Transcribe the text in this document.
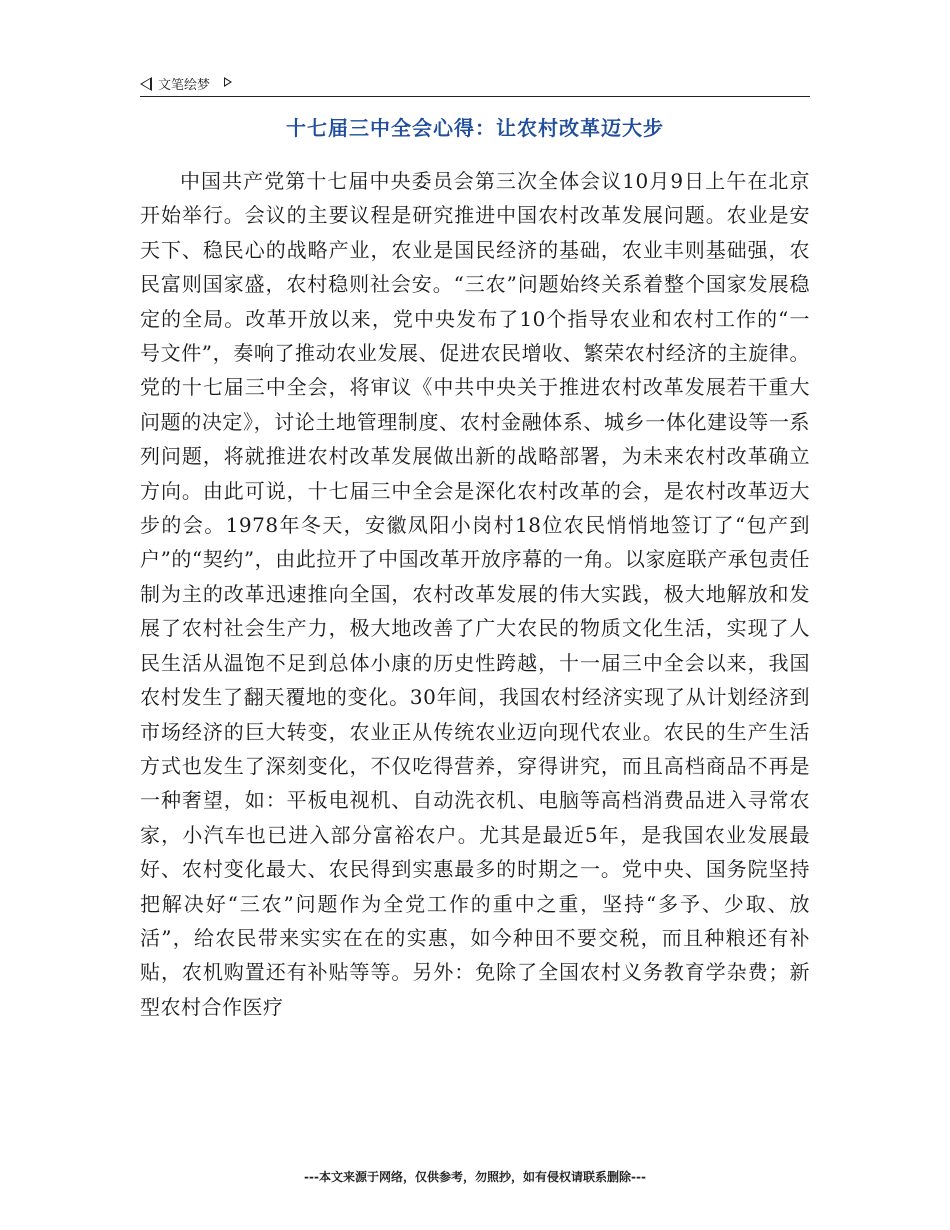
文笔绘梦
十七届三中全会心得：让农村改革迈大步

中国共产党第十七届中央委员会第三次全体会议10月9日上午在北京开始举行。会议的主要议程是研究推进中国农村改革发展问题。农业是安天下、稳民心的战略产业，农业是国民经济的基础，农业丰则基础强，农民富则国家盛，农村稳则社会安。“三农”问题始终关系着整个国家发展稳定的全局。改革开放以来，党中央发布了10个指导农业和农村工作的“一号文件”，奏响了推动农业发展、促进农民增收、繁荣农村经济的主旋律。党的十七届三中全会，将审议《中共中央关于推进农村改革发展若干重大问题的决定》，讨论土地管理制度、农村金融体系、城乡一体化建设等一系列问题，将就推进农村改革发展做出新的战略部署，为未来农村改革确立方向。由此可说，十七届三中全会是深化农村改革的会，是农村改革迈大步的会。1978年冬天，安徽凤阳小岗村18位农民悄悄地签订了“包产到户”的“契约”，由此拉开了中国改革开放序幕的一角。以家庭联产承包责任制为主的改革迅速推向全国，农村改革发展的伟大实践，极大地解放和发展了农村社会生产力，极大地改善了广大农民的物质文化生活，实现了人民生活从温饱不足到总体小康的历史性跨越，十一届三中全会以来，我国农村发生了翻天覆地的变化。30年间，我国农村经济实现了从计划经济到市场经济的巨大转变，农业正从传统农业迈向现代农业。农民的生产生活方式也发生了深刻变化，不仅吃得营养，穿得讲究，而且高档商品不再是一种奢望，如：平板电视机、自动洗衣机、电脑等高档消费品进入寻常农家，小汽车也已进入部分富裕农户。尤其是最近5年，是我国农业发展最好、农村变化最大、农民得到实惠最多的时期之一。党中央、国务院坚持把解决好“三农”问题作为全党工作的重中之重，坚持“多予、少取、放活”，给农民带来实实在在的实惠，如今种田不要交税，而且种粮还有补贴，农机购置还有补贴等等。另外：免除了全国农村义务教育学杂费；新型农村合作医疗

---本文来源于网络，仅供参考，勿照抄，如有侵权请联系删除---
